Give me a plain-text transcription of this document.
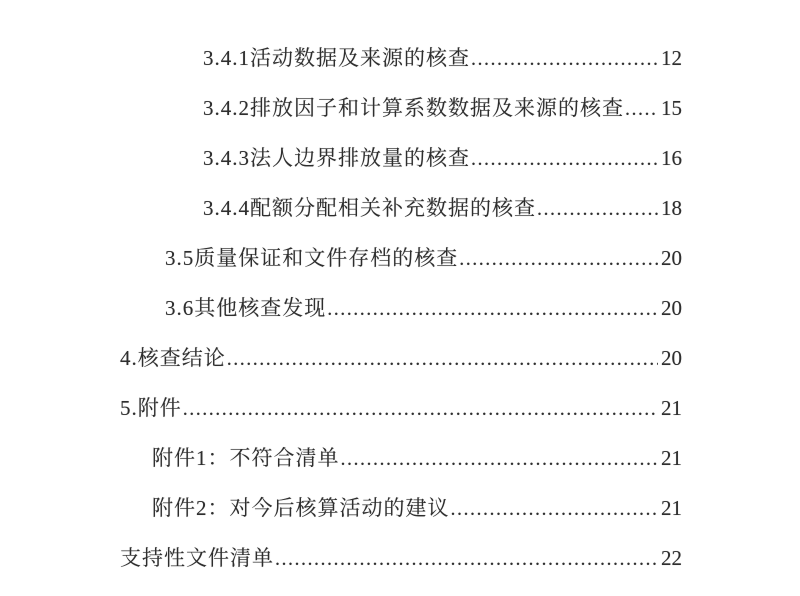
3.4.1活动数据及来源的核查 .....	12
3.4.2排放因子和计算系数数据及来源的核查 ..... 15
3.4.3法人边界排放量的核查 .....	16
3.4.4配额分配相关补充数据的核查 .....	18
3.5质量保证和文件存档的核查 .....	20
3.6其他核查发现 .....	20
4.核查结论 .....	20
5.附件 .....	21
附件1：不符合清单 .....	21
附件2：对今后核算活动的建议 .....	21
支持性文件清单 .....	22
